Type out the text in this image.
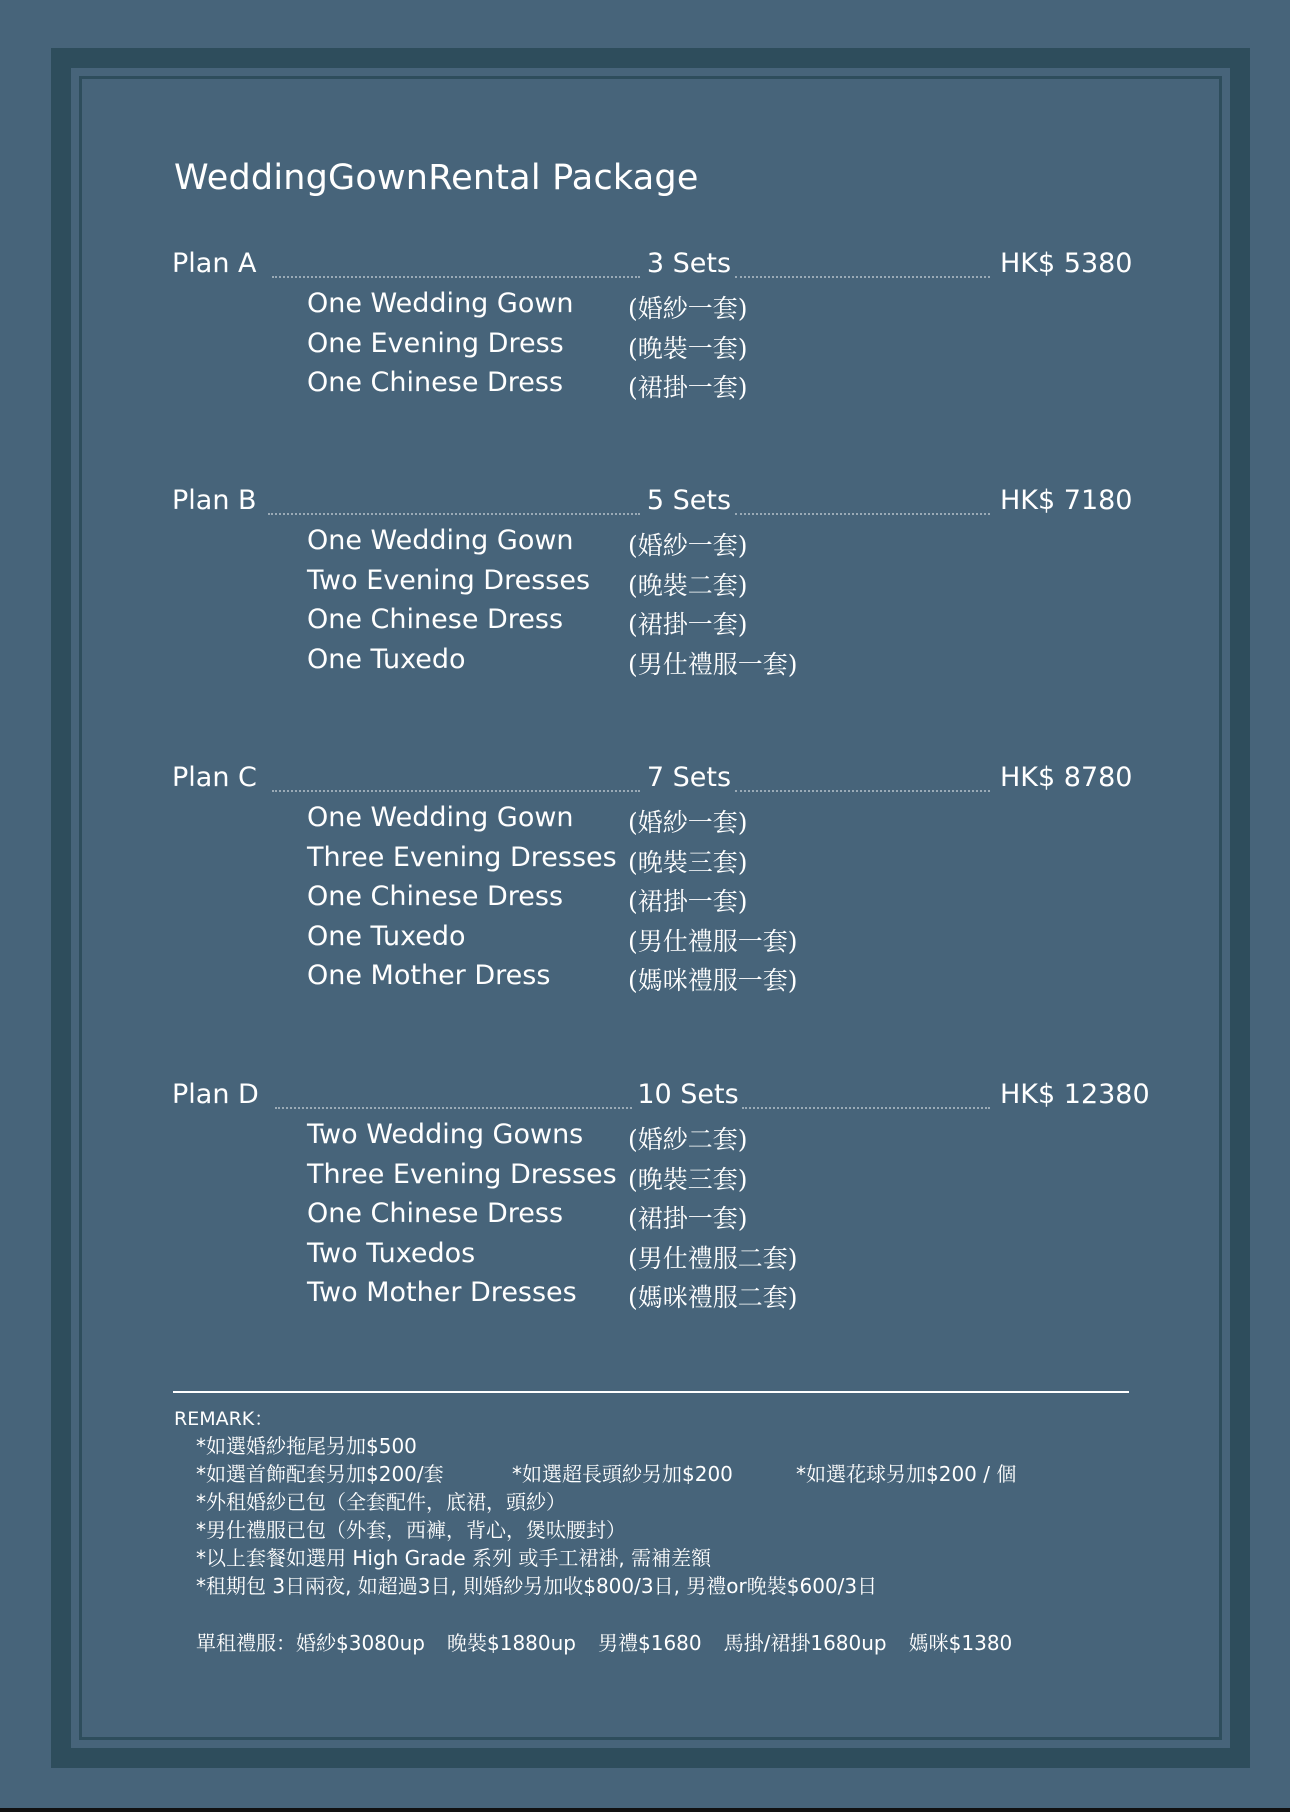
WeddingGownRental Package
Plan A	3 Sets	HK$ 5380
One Wedding Gown (婚紗一套)
One Evening Dress	(晚裝一套)
One Chinese Dress	(裙掛一套)
Plan B	5 Sets	HK$ 7180
One Wedding Gown (婚紗一套)
Two Evening Dresses (晚裝二套)
One Chinese Dress	(裙掛一套)
One Tuxedo	(男仕禮服一套)
Plan C	7 Sets	HK$ 8780
One Wedding Gown (婚紗一套)
Three Evening Dresses (晚裝三套)
One Chinese Dress	(裙掛一套)
One Tuxedo	(男仕禮服一套)
One Mother Dress	(媽咪禮服一套)
Plan D	10 Sets	HK$ 12380
Two Wedding Gowns (婚紗二套)
Three Evening Dresses (晚裝三套)
One Chinese Dress	(裙掛一套)
Two Tuxedos	(男仕禮服二套)
Two Mother Dresses (媽咪禮服二套)
REMARK：
*如選婚紗拖尾另加$500
*如選首飾配套另加$200/套	*如選超長頭紗另加$200	*如選花球另加$200 / 個
*外租婚紗已包（全套配件，底裙，頭紗）
*男仕禮服已包（外套，西褲，背心，煲呔腰封）
*以上套餐如選用 High Grade 系列 或手工裙褂, 需補差額
*租期包 3日兩夜, 如超過3日, 則婚紗另加收$800/3日, 男禮or晚裝$600/3日
單租禮服：婚紗$3080up 晚裝$1880up 男禮$1680 馬掛/裙掛1680up 媽咪$1380
